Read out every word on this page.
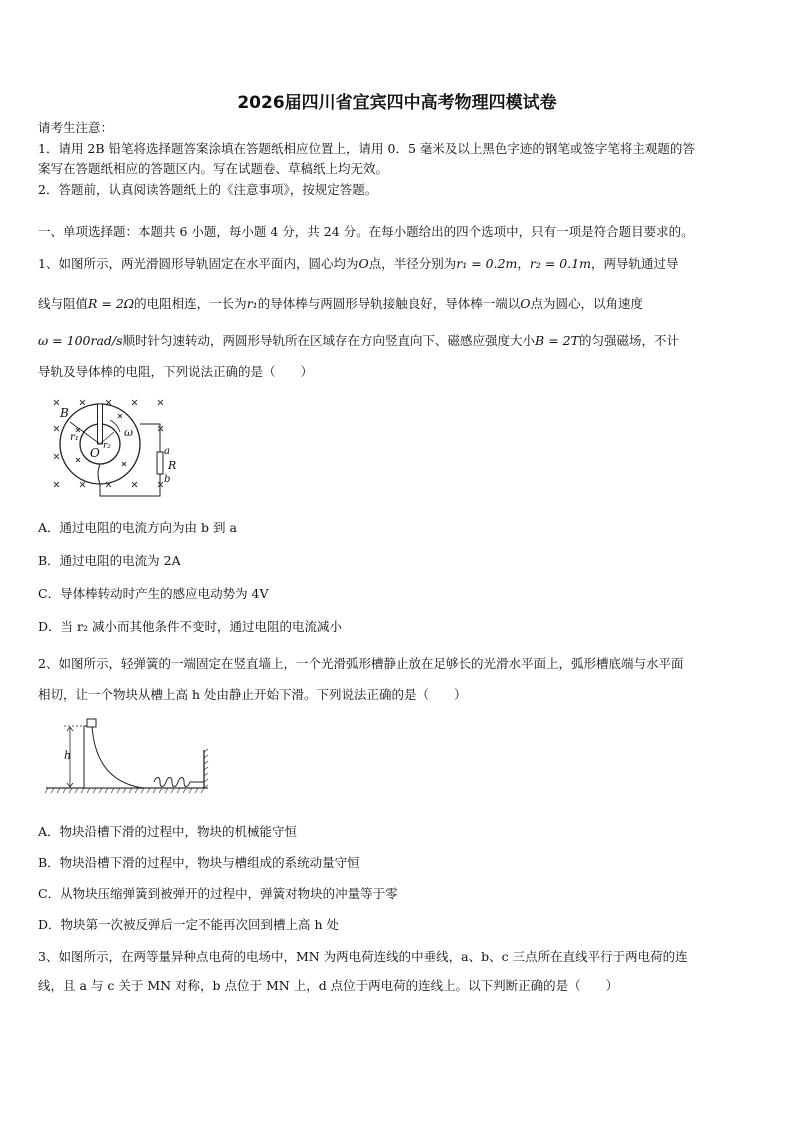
2026届四川省宜宾四中高考物理四模试卷
请考生注意：
1．请用 2B 铅笔将选择题答案涂填在答题纸相应位置上，请用 0．5 毫米及以上黑色字迹的钢笔或签字笔将主观题的答
案写在答题纸相应的答题区内。写在试题卷、草稿纸上均无效。
2．答题前，认真阅读答题纸上的《注意事项》，按规定答题。
一、单项选择题：本题共 6 小题，每小题 4 分，共 24 分。在每小题给出的四个选项中，只有一项是符合题目要求的。
1、如图所示，两光滑圆形导轨固定在水平面内，圆心均为O点，半径分别为r₁ = 0.2m，r₂ = 0.1m，两导轨通过导
线与阻值R = 2Ω的电阻相连，一长为r₁的导体棒与两圆形导轨接触良好，导体棒一端以O点为圆心，以角速度
ω = 100rad/s顺时针匀速转动，两圆形导轨所在区域存在方向竖直向下、磁感应强度大小B = 2T的匀强磁场，不计
导轨及导体棒的电阻，下列说法正确的是（　　）
B
r₁
r₂
O
ω
a
R
b
A．通过电阻的电流方向为由 b 到 a
B．通过电阻的电流为 2A
C．导体棒转动时产生的感应电动势为 4V
D．当 r₂ 减小而其他条件不变时，通过电阻的电流减小
2、如图所示，轻弹簧的一端固定在竖直墙上，一个光滑弧形槽静止放在足够长的光滑水平面上，弧形槽底端与水平面
相切，让一个物块从槽上高 h 处由静止开始下滑。下列说法正确的是（　　）
h
A．物块沿槽下滑的过程中，物块的机械能守恒
B．物块沿槽下滑的过程中，物块与槽组成的系统动量守恒
C．从物块压缩弹簧到被弹开的过程中，弹簧对物块的冲量等于零
D．物块第一次被反弹后一定不能再次回到槽上高 h 处
3、如图所示，在两等量异种点电荷的电场中，MN 为两电荷连线的中垂线，a、b、c 三点所在直线平行于两电荷的连
线，且 a 与 c 关于 MN 对称，b 点位于 MN 上，d 点位于两电荷的连线上。以下判断正确的是（　　）
